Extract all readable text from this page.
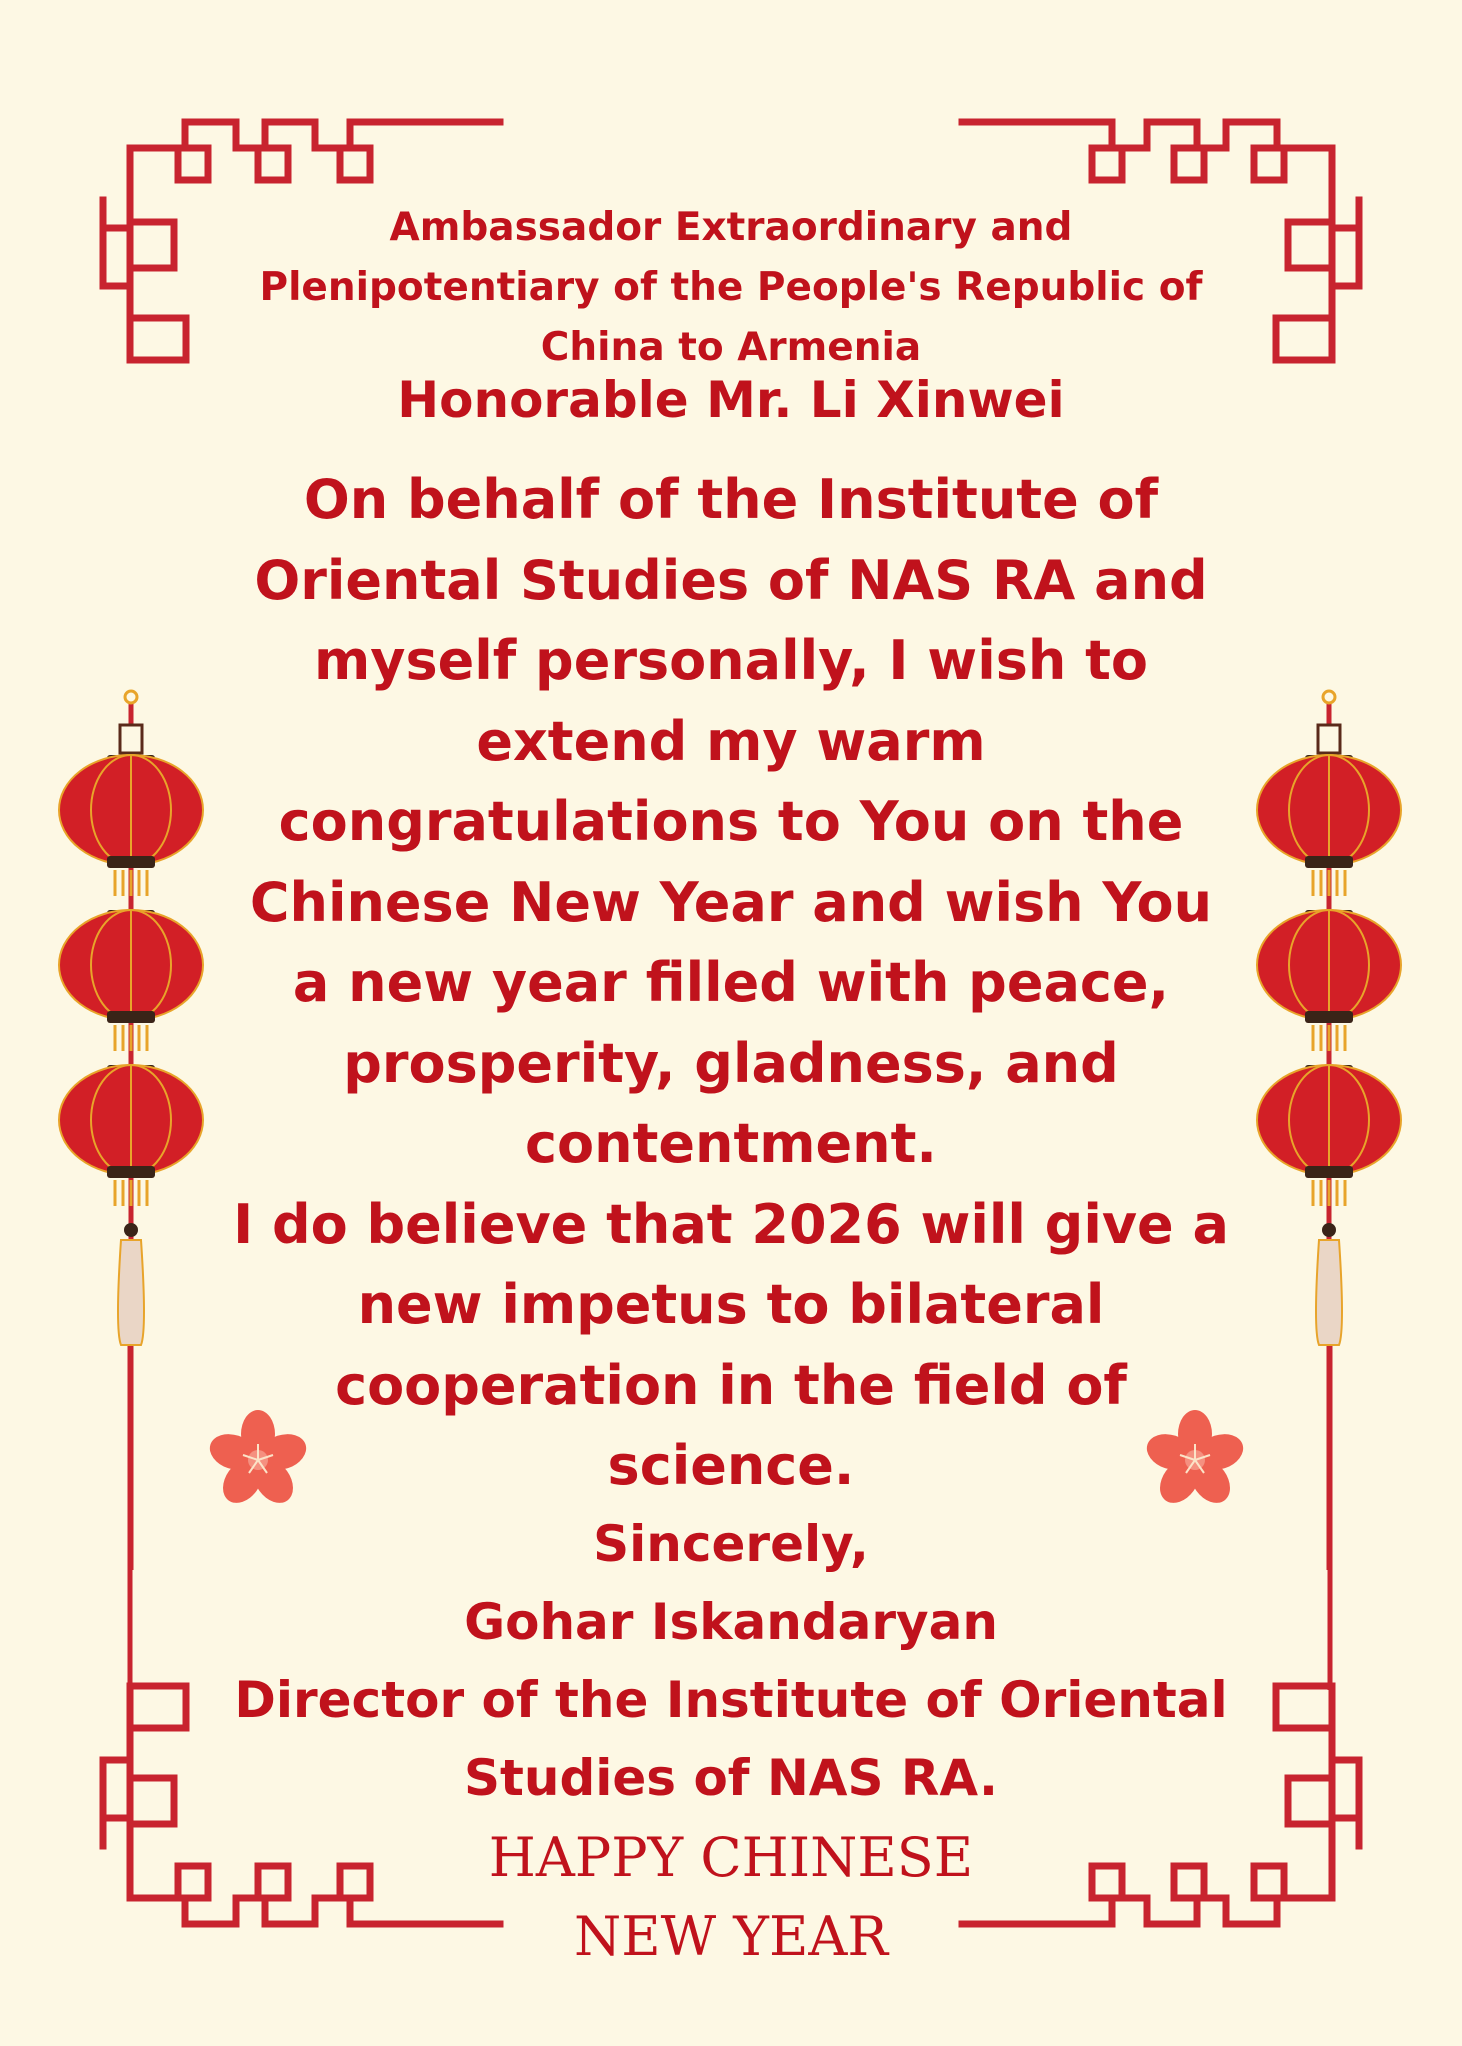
Ambassador Extraordinary and
Plenipotentiary of the People's Republic of
China to Armenia
Honorable Mr. Li Xinwei
On behalf of the Institute of
Oriental Studies of NAS RA and
myself personally, I wish to
extend my warm
congratulations to You on the
Chinese New Year and wish You
a new year filled with peace,
prosperity, gladness, and
contentment.
I do believe that 2026 will give a
new impetus to bilateral
cooperation in the field of
science.
Sincerely,
Gohar Iskandaryan
Director of the Institute of Oriental
Studies of NAS RA.
HAPPY CHINESE
NEW YEAR
